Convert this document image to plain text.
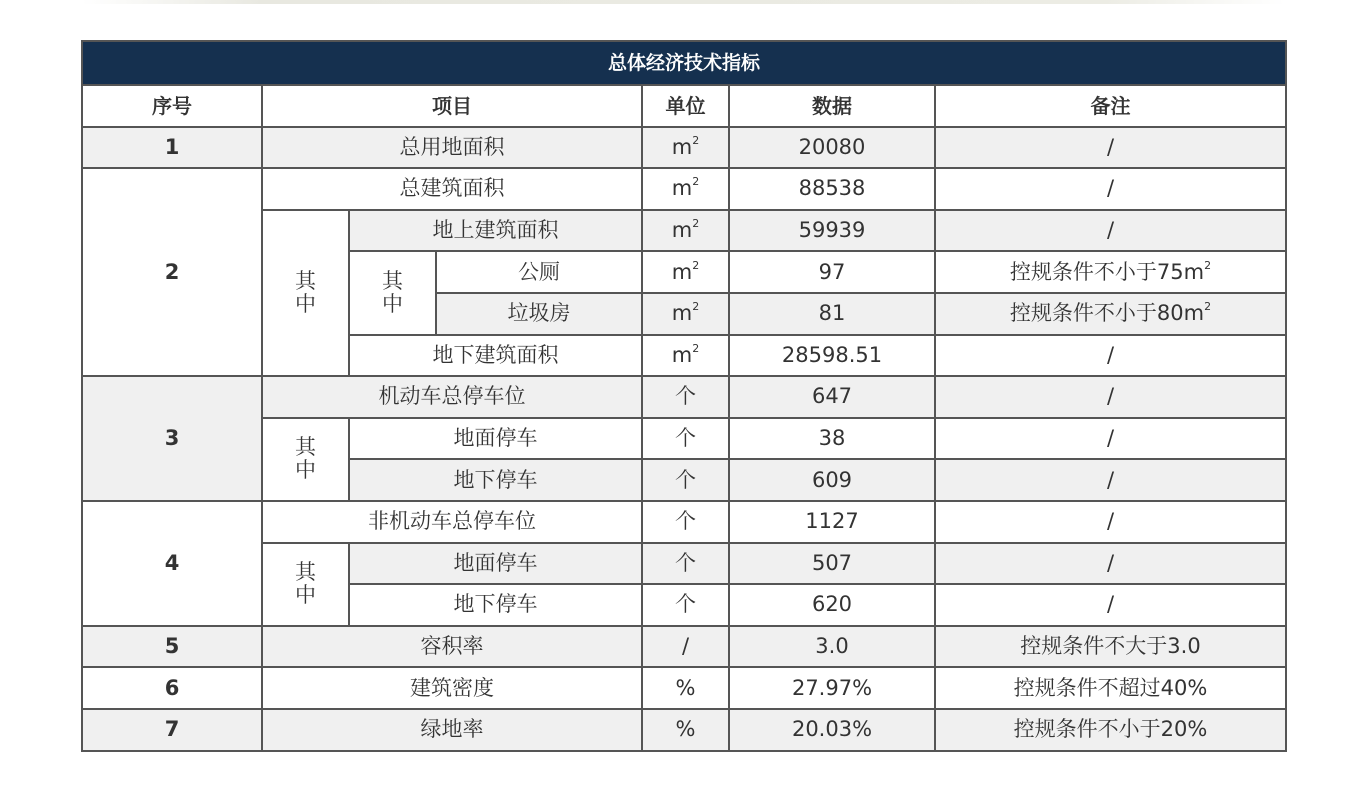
总体经济技术指标						
序号	项目			单位	数据	备注
1	总用地面积			$m^2$	20080	/
2	总建筑面积			$m^2$	88538	/

	其中	地上建筑面积		$m^2$	59939	/

		其中	公厕	$m^2$	97	控规条件不小于$75m^2$
			垃圾房	$m^2$	81	控规条件不小于$80m^2$
		地下建筑面积		$m^2$	28598.51	/
3	机动车总停车位			个	647	/

	其中	地面停车		个	38	/
		地下停车		个	609	/
4	非机动车总停车位			个	1127	/

	其中	地面停车		个	507	/
		地下停车		个	620	/
5	容积率			/	3.0	控规条件不大于3.0
6	建筑密度			%	27.97%	控规条件不超过40%
7	绿地率			%	20.03%	控规条件不小于20%
